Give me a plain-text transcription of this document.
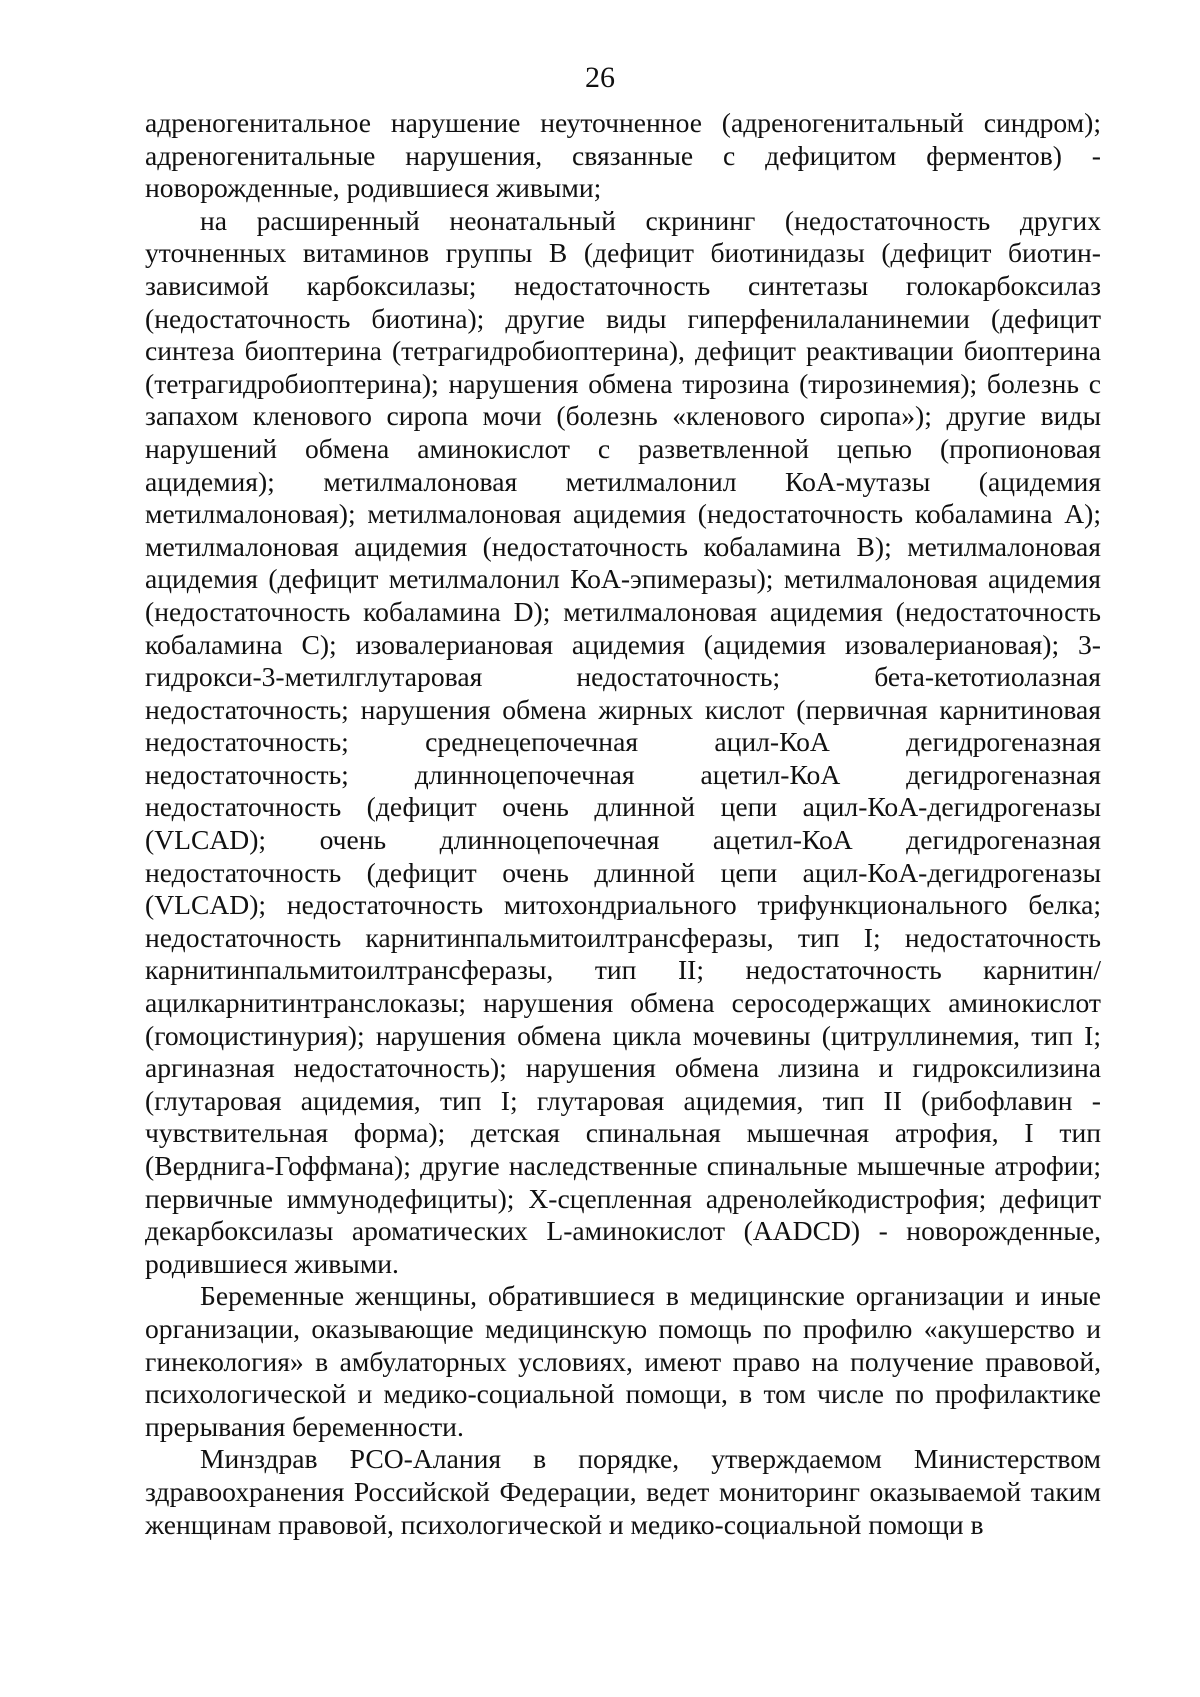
26

адреногенитальное нарушение неуточненное (адреногенитальный синдром); адреногенитальные нарушения, связанные с дефицитом ферментов) - новорожденные, родившиеся живыми;

на расширенный неонатальный скрининг (недостаточность других уточненных витаминов группы В (дефицит биотинидазы (дефицит биотин-зависимой карбоксилазы; недостаточность синтетазы голокарбоксилаз (недостаточность биотина); другие виды гиперфенилаланинемии (дефицит синтеза биоптерина (тетрагидробиоптерина), дефицит реактивации биоптерина (тетрагидробиоптерина); нарушения обмена тирозина (тирозинемия); болезнь с запахом кленового сиропа мочи (болезнь «кленового сиропа»); другие виды нарушений обмена аминокислот с разветвленной цепью (пропионовая ацидемия); метилмалоновая метилмалонил КоА-мутазы (ацидемия метилмалоновая); метилмалоновая ацидемия (недостаточность кобаламина А); метилмалоновая ацидемия (недостаточность кобаламина В); метилмалоновая ацидемия (дефицит метилмалонил КоА-эпимеразы); метилмалоновая ацидемия (недостаточность кобаламина D); метилмалоновая ацидемия (недостаточность кобаламина С); изовалериановая ацидемия (ацидемия изовалериановая); 3-гидрокси-3-метилглутаровая недостаточность; бета-кетотиолазная недостаточность; нарушения обмена жирных кислот (первичная карнитиновая недостаточность; среднецепочечная ацил-КоА дегидрогеназная недостаточность; длинноцепочечная ацетил-КоА дегидрогеназная недостаточность (дефицит очень длинной цепи ацил-КоА-дегидрогеназы (VLCAD); очень длинноцепочечная ацетил-КоА дегидрогеназная недостаточность (дефицит очень длинной цепи ацил-КоА-дегидрогеназы (VLCAD); недостаточность митохондриального трифункционального белка; недостаточность карнитинпальмитоилтрансферазы, тип I; недостаточность карнитинпальмитоилтрансферазы, тип II; недостаточность карнитин/ацилкарнитинтранслоказы; нарушения обмена серосодержащих аминокислот (гомоцистинурия); нарушения обмена цикла мочевины (цитруллинемия, тип I; аргиназная недостаточность); нарушения обмена лизина и гидроксилизина (глутаровая ацидемия, тип I; глутаровая ацидемия, тип II (рибофлавин - чувствительная форма); детская спинальная мышечная атрофия, I тип (Верднига-Гоффмана); другие наследственные спинальные мышечные атрофии; первичные иммунодефициты); Х-сцепленная адренолейкодистрофия; дефицит декарбоксилазы ароматических L-аминокислот (AADCD) - новорожденные, родившиеся живыми.

Беременные женщины, обратившиеся в медицинские организации и иные организации, оказывающие медицинскую помощь по профилю «акушерство и гинекология» в амбулаторных условиях, имеют право на получение правовой, психологической и медико-социальной помощи, в том числе по профилактике прерывания беременности.

Минздрав РСО-Алания в порядке, утверждаемом Министерством здравоохранения Российской Федерации, ведет мониторинг оказываемой таким женщинам правовой, психологической и медико-социальной помощи в
